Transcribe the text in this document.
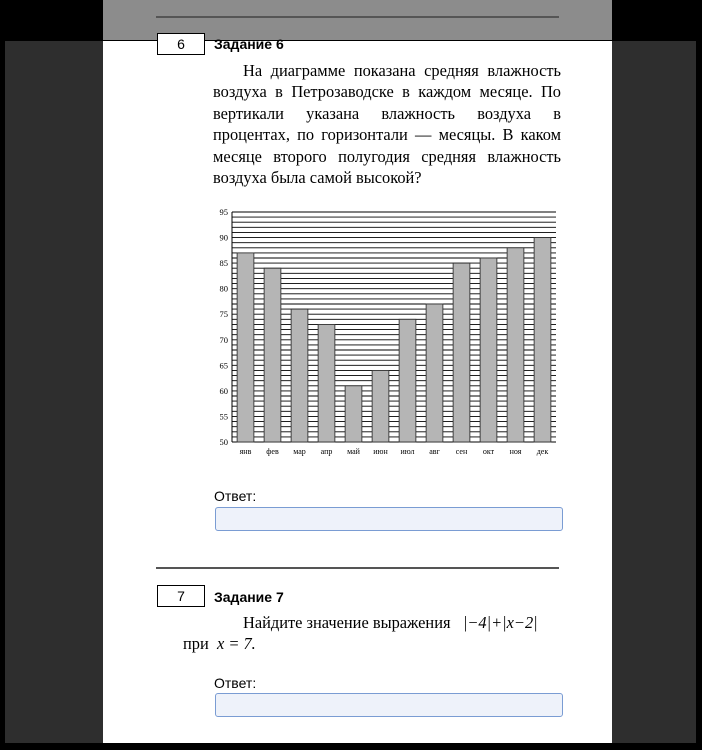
6 Задание 6
На диаграмме показана средняя влажность воздуха в Петрозаводске в каждом месяце. По вертикали указана влажность воздуха в процентах, по горизонтали — месяцы. В каком месяце второго полугодия средняя влажность воздуха была самой высокой?
50
55
60
65
70
75
80
85
90
95
янв фев мар апр май июн июл авг сен окт ноя дек
Ответ:
7 Задание 7
Найдите значение выражения |−4|+|x−2|
при x = 7.
Ответ:
